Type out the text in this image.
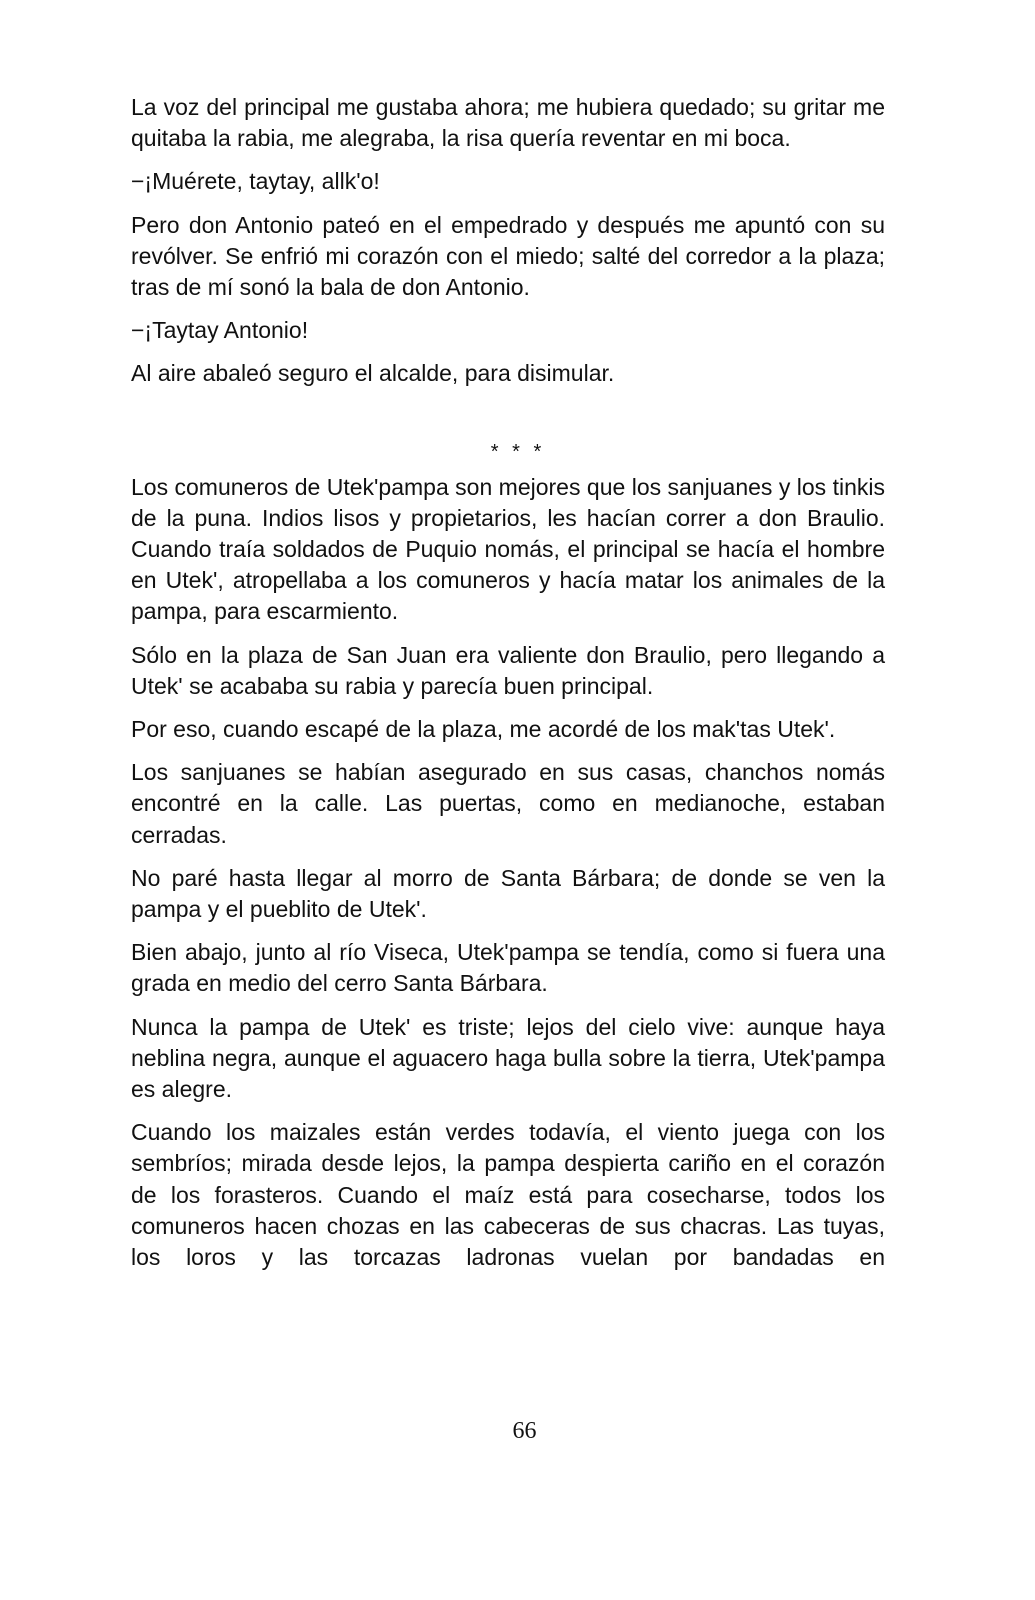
La voz del principal me gustaba ahora; me hubiera quedado; su gritar me quitaba la rabia, me alegraba, la risa quería reventar en mi boca.

−¡Muérete, taytay, allk'o!

Pero don Antonio pateó en el empedrado y después me apuntó con su revólver. Se enfrió mi corazón con el miedo; salté del corredor a la plaza; tras de mí sonó la bala de don Antonio.

−¡Taytay Antonio!

Al aire abaleó seguro el alcalde, para disimular.

* * *

Los comuneros de Utek'pampa son mejores que los sanjuanes y los tinkis de la puna. Indios lisos y propietarios, les hacían correr a don Braulio. Cuando traía soldados de Puquio nomás, el principal se hacía el hombre en Utek', atropellaba a los comuneros y hacía matar los animales de la pampa, para escarmiento.

Sólo en la plaza de San Juan era valiente don Braulio, pero llegando a Utek' se acababa su rabia y parecía buen principal.

Por eso, cuando escapé de la plaza, me acordé de los mak'tas Utek'.

Los sanjuanes se habían asegurado en sus casas, chanchos nomás encontré en la calle. Las puertas, como en medianoche, estaban cerradas.

No paré hasta llegar al morro de Santa Bárbara; de donde se ven la pampa y el pueblito de Utek'.

Bien abajo, junto al río Viseca, Utek'pampa se tendía, como si fuera una grada en medio del cerro Santa Bárbara.

Nunca la pampa de Utek' es triste; lejos del cielo vive: aunque haya neblina negra, aunque el aguacero haga bulla sobre la tierra, Utek'pampa es alegre.

Cuando los maizales están verdes todavía, el viento juega con los sembríos; mirada desde lejos, la pampa despierta cariño en el corazón de los forasteros. Cuando el maíz está para cosecharse, todos los comuneros hacen chozas en las cabeceras de sus chacras. Las tuyas, los loros y las torcazas ladronas vuelan por bandadas en

66
